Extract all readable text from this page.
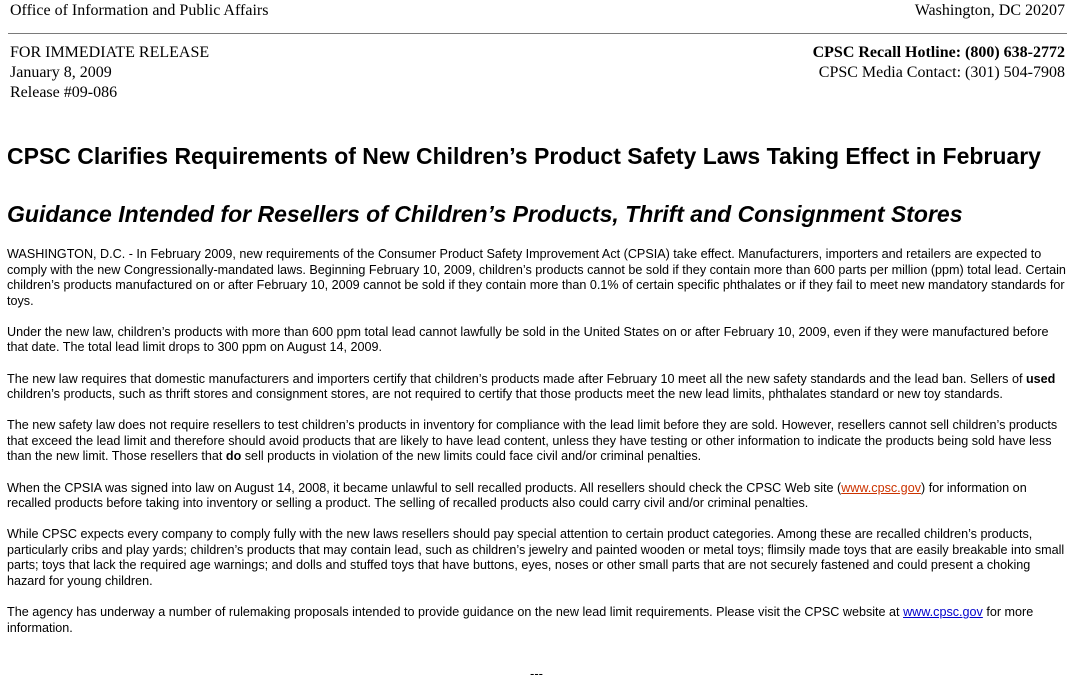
Office of Information and Public Affairs	Washington, DC 20207
FOR IMMEDIATE RELEASE
January 8, 2009
Release #09-086
CPSC Recall Hotline: (800) 638-2772
CPSC Media Contact: (301) 504-7908
CPSC Clarifies Requirements of New Children’s Product Safety Laws Taking Effect in February
Guidance Intended for Resellers of Children’s Products, Thrift and Consignment Stores

WASHINGTON, D.C. - In February 2009, new requirements of the Consumer Product Safety Improvement Act (CPSIA) take effect. Manufacturers, importers and retailers are expected to comply with the new Congressionally-mandated laws. Beginning February 10, 2009, children’s products cannot be sold if they contain more than 600 parts per million (ppm) total lead. Certain children’s products manufactured on or after February 10, 2009 cannot be sold if they contain more than 0.1% of certain specific phthalates or if they fail to meet new mandatory standards for toys.

Under the new law, children’s products with more than 600 ppm total lead cannot lawfully be sold in the United States on or after February 10, 2009, even if they were manufactured before that date. The total lead limit drops to 300 ppm on August 14, 2009.

The new law requires that domestic manufacturers and importers certify that children’s products made after February 10 meet all the new safety standards and the lead ban. Sellers of used children’s products, such as thrift stores and consignment stores, are not required to certify that those products meet the new lead limits, phthalates standard or new toy standards.

The new safety law does not require resellers to test children’s products in inventory for compliance with the lead limit before they are sold. However, resellers cannot sell children’s products that exceed the lead limit and therefore should avoid products that are likely to have lead content, unless they have testing or other information to indicate the products being sold have less than the new limit. Those resellers that do sell products in violation of the new limits could face civil and/or criminal penalties.

When the CPSIA was signed into law on August 14, 2008, it became unlawful to sell recalled products. All resellers should check the CPSC Web site (www.cpsc.gov) for information on recalled products before taking into inventory or selling a product. The selling of recalled products also could carry civil and/or criminal penalties.

While CPSC expects every company to comply fully with the new laws resellers should pay special attention to certain product categories. Among these are recalled children’s products, particularly cribs and play yards; children’s products that may contain lead, such as children’s jewelry and painted wooden or metal toys; flimsily made toys that are easily breakable into small parts; toys that lack the required age warnings; and dolls and stuffed toys that have buttons, eyes, noses or other small parts that are not securely fastened and could present a choking hazard for young children.

The agency has underway a number of rulemaking proposals intended to provide guidance on the new lead limit requirements. Please visit the CPSC website at www.cpsc.gov for more information.

---
